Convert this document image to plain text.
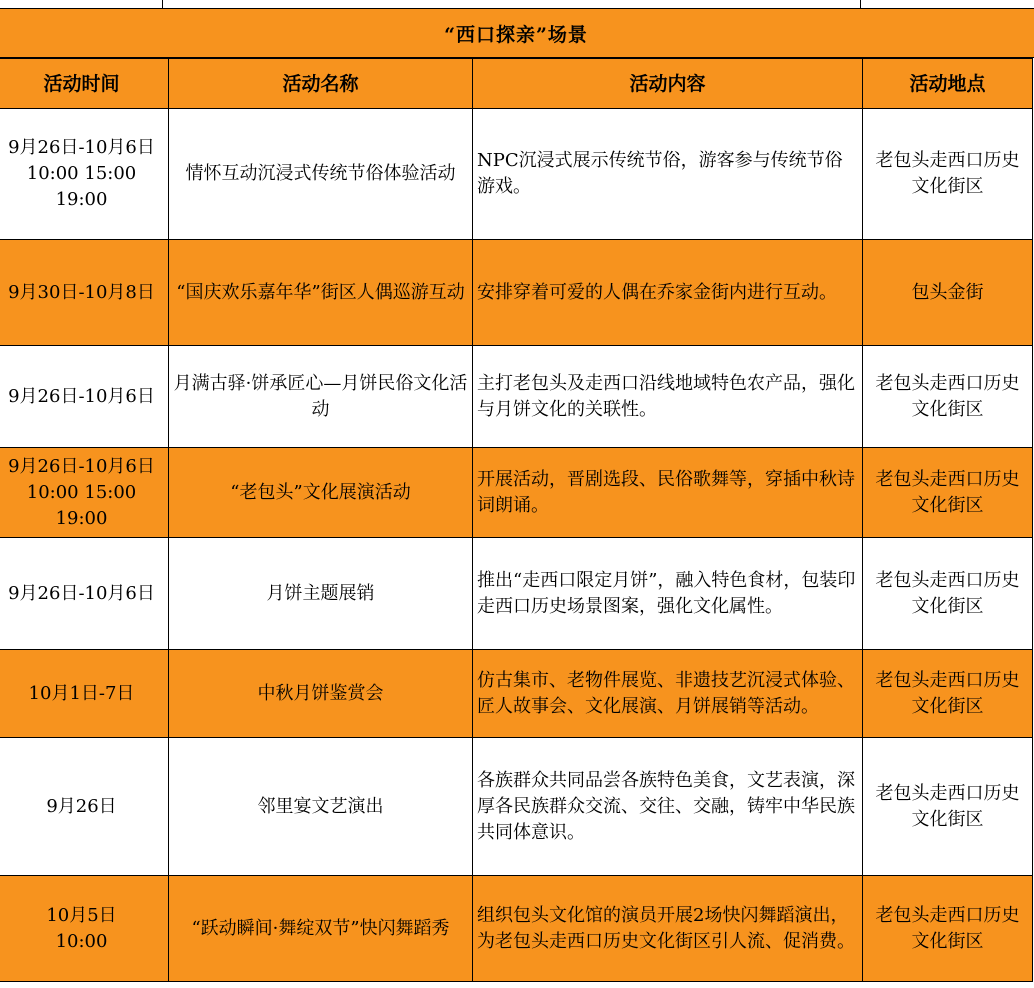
“西口探亲”场景
活动时间	活动名称	活动内容	活动地点
9月26日-10月6日
10:00 15:00
19:00	情怀互动沉浸式传统节俗体验活动	NPC沉浸式展示传统节俗，游客参与传统节俗游戏。	老包头走西口历史文化街区
9月30日-10月8日	“国庆欢乐嘉年华”街区人偶巡游互动	安排穿着可爱的人偶在乔家金街内进行互动。	包头金街
9月26日-10月6日	月满古驿·饼承匠心—月饼民俗文化活动	主打老包头及走西口沿线地域特色农产品，强化与月饼文化的关联性。	老包头走西口历史文化街区
9月26日-10月6日
10:00 15:00
19:00	“老包头”文化展演活动	开展活动，晋剧选段、民俗歌舞等，穿插中秋诗词朗诵。	老包头走西口历史文化街区
9月26日-10月6日	月饼主题展销	推出“走西口限定月饼”，融入特色食材，包装印走西口历史场景图案，强化文化属性。	老包头走西口历史文化街区
10月1日-7日	中秋月饼鉴赏会	仿古集市、老物件展览、非遗技艺沉浸式体验、匠人故事会、文化展演、月饼展销等活动。	老包头走西口历史文化街区
9月26日	邻里宴文艺演出	各族群众共同品尝各族特色美食，文艺表演，深厚各民族群众交流、交往、交融，铸牢中华民族共同体意识。	老包头走西口历史文化街区
10月5日
10:00	“跃动瞬间·舞绽双节”快闪舞蹈秀	组织包头文化馆的演员开展2场快闪舞蹈演出，为老包头走西口历史文化街区引人流、促消费。	老包头走西口历史文化街区
